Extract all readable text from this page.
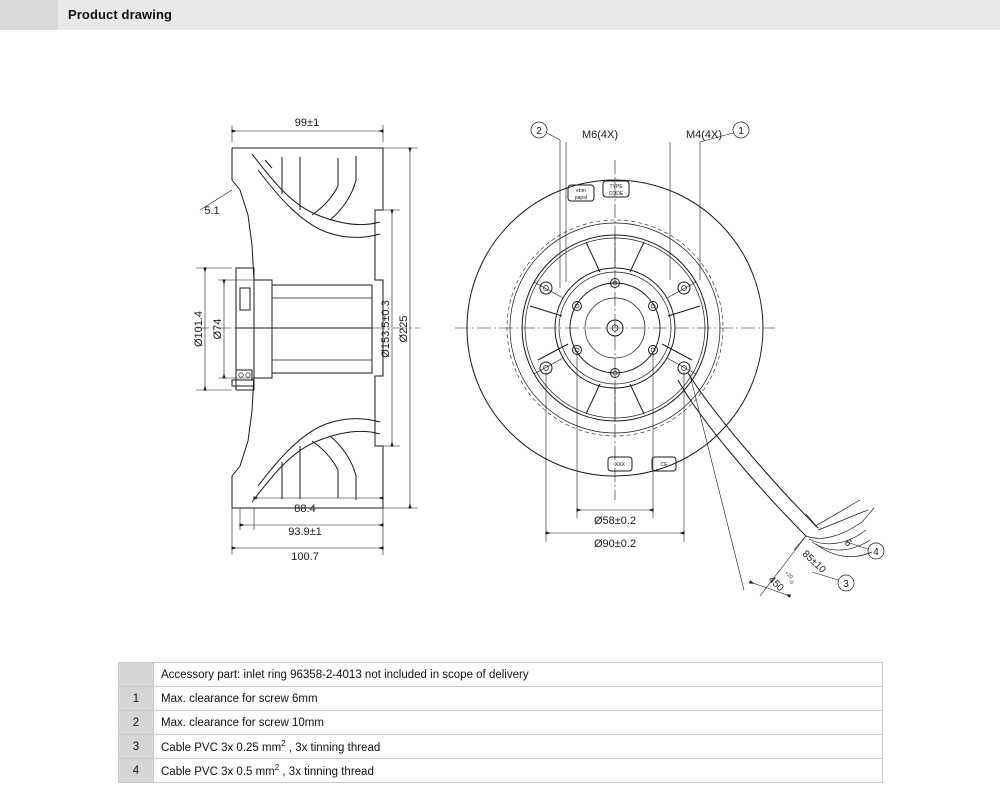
Product drawing
99±1
5.1
Ø101.4 Ø74	Ø153.5±0.3 Ø225
88.4
93.9±1
100.7
ebm
papst
TYPE
CODE
XXX	CE
2	1
3
4
M6(4X)	M4(4X)
Ø58±0.2
Ø90±0.2
85±10
6
450
+20
-0
	Accessory part: inlet ring 96358-2-4013 not included in scope of delivery
1	Max. clearance for screw 6mm
2	Max. clearance for screw 10mm
3	Cable PVC 3x 0.25 $mm^2$ , 3x tinning thread
4	Cable PVC 3x 0.5 $mm^2$ , 3x tinning thread
